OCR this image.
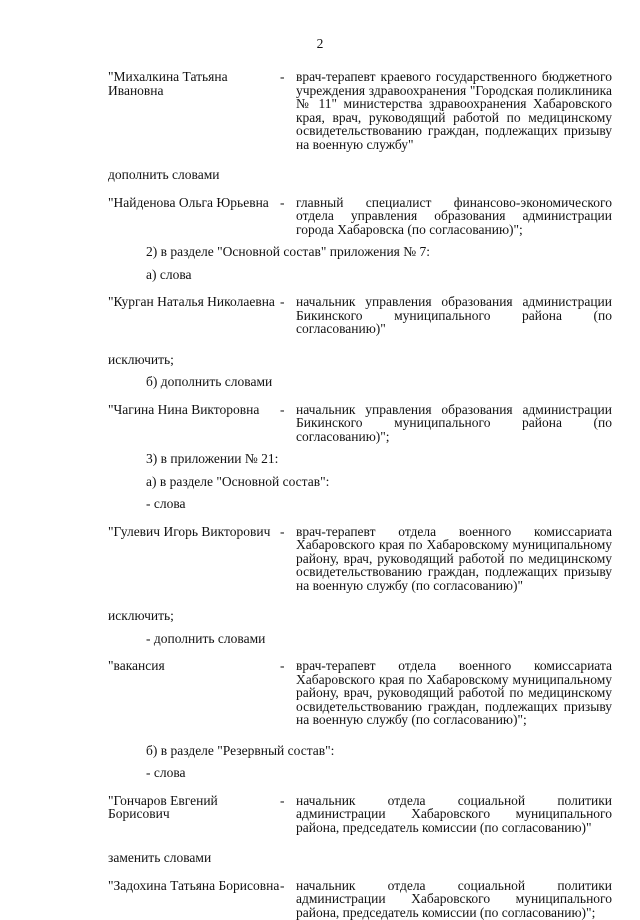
2
"Михалкина Татьяна Ивановна
- врач-терапевт краевого государственного бюджетного учреждения здравоохранения "Городская поликлиника № 11" министерства здравоохранения Хабаровского края, врач, руководящий работой по медицинскому освидетельствованию граждан, подлежащих призыву на военную службу"

дополнить словами

"Найденова Ольга Юрьевна - главный специалист финансово-экономического отдела управления образования администрации города Хабаровска (по согласованию)";

2) в разделе "Основной состав" приложения № 7:

а) слова

"Курган Наталья Николаевна - начальник управления образования администрации Бикинского муниципального района (по согласованию)"

исключить;

б) дополнить словами

"Чагина Нина Викторовна	- начальник управления образования администрации Бикинского муниципального района (по согласованию)";

3) в приложении № 21:

а) в разделе "Основной состав":

- слова

"Гулевич Игорь Викторович - врач-терапевт отдела военного комиссариата Хабаровского края по Хабаровскому муниципальному району, врач, руководящий работой по медицинскому освидетельствованию граждан, подлежащих призыву на военную службу (по согласованию)"

исключить;

- дополнить словами

"вакансия	- врач-терапевт отдела военного комиссариата Хабаровского края по Хабаровскому муниципальному району, врач, руководящий работой по медицинскому освидетельствованию граждан, подлежащих призыву на военную службу (по согласованию)";

б) в разделе "Резервный состав":

- слова

"Гончаров Евгений Борисович
- начальник отдела социальной политики администрации Хабаровского муниципального района, председатель комиссии (по согласованию)"

заменить словами

"Задохина Татьяна Борисовна - начальник отдела социальной политики администрации Хабаровского муниципального района, председатель комиссии (по согласованию)";
